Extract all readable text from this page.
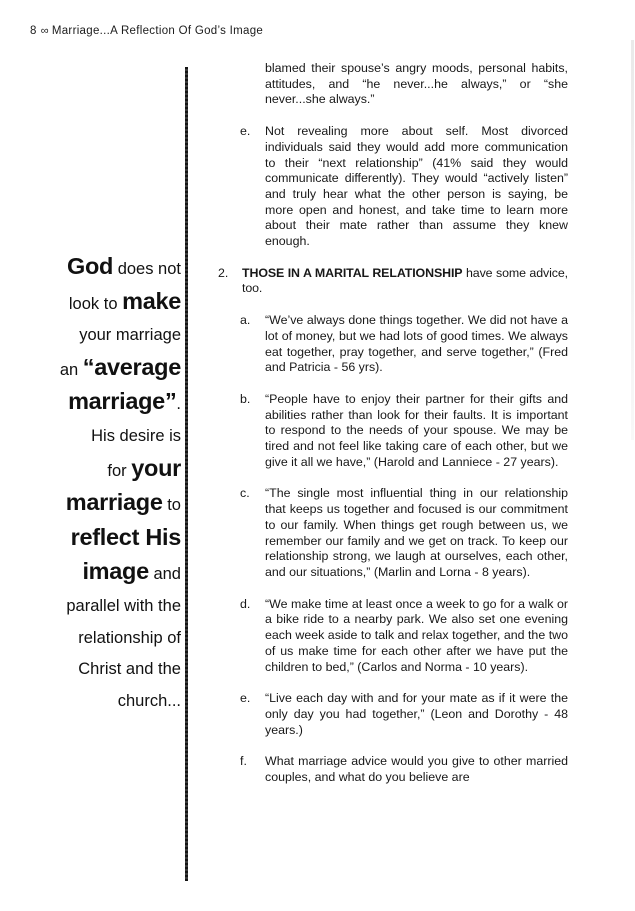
8 ∞ Marriage...A Reflection Of God’s Image
God does not
look to make
your marriage
an “average
marriage”.
His desire is
for your
marriage to
reflect His
image and
parallel with the
relationship of
Christ and the
church...

blamed their spouse’s angry moods, personal habits, attitudes, and “he never...he always,” or “she never...she always.”

e.	Not revealing more about self. Most divorced individuals said they would add more communication to their “next relationship” (41% said they would communicate differently). They would “actively listen” and truly hear what the other person is saying, be more open and honest, and take time to learn more about their mate rather than assume they knew enough.
2.	THOSE IN A MARITAL RELATIONSHIP have some advice, too.
a.	“We’ve always done things together. We did not have a lot of money, but we had lots of good times. We always eat together, pray together, and serve together,” (Fred and Patricia - 56 yrs).
b.	“People have to enjoy their partner for their gifts and abilities rather than look for their faults. It is important to respond to the needs of your spouse. We may be tired and not feel like taking care of each other, but we give it all we have,” (Harold and Lanniece - 27 years).
c.	“The single most influential thing in our relationship that keeps us together and focused is our commitment to our family. When things get rough between us, we remember our family and we get on track. To keep our relationship strong, we laugh at ourselves, each other, and our situations,” (Marlin and Lorna - 8 years).
d.	“We make time at least once a week to go for a walk or a bike ride to a nearby park. We also set one evening each week aside to talk and relax together, and the two of us make time for each other after we have put the children to bed,” (Carlos and Norma - 10 years).
e.	“Live each day with and for your mate as if it were the only day you had together,” (Leon and Dorothy - 48 years.)
f.	What marriage advice would you give to other married couples, and what do you believe are
